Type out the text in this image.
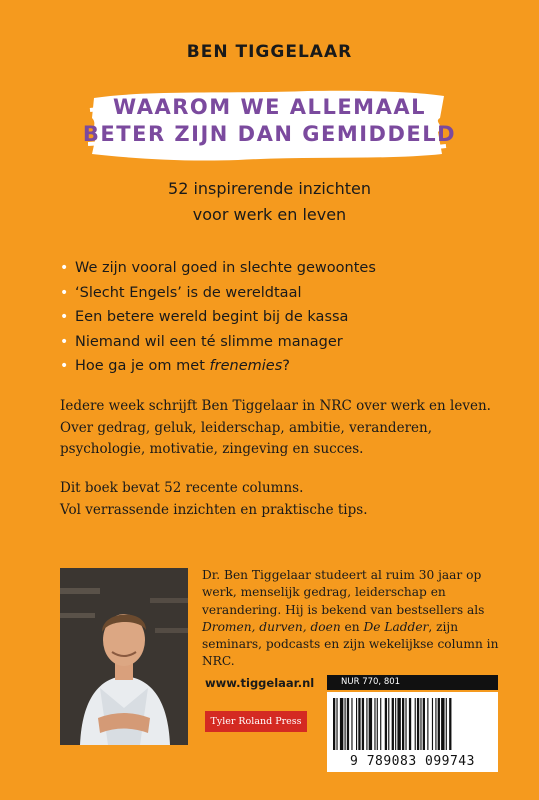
BEN TIGGELAAR
WAAROM WE ALLEMAAL
BETER ZIJN DAN GEMIDDELD
52 inspirerende inzichten
voor werk en leven
• We zijn vooral goed in slechte gewoontes
• ‘Slecht Engels’ is de wereldtaal
• Een betere wereld begint bij de kassa
• Niemand wil een té slimme manager
• Hoe ga je om met frenemies?
Iedere week schrijft Ben Tiggelaar in NRC over werk en leven. Over gedrag, geluk, leiderschap, ambitie, veranderen, psychologie, motivatie, zingeving en succes.
Dit boek bevat 52 recente columns.
Vol verrassende inzichten en praktische tips.
Dr. Ben Tiggelaar studeert al ruim 30 jaar op werk, menselijk gedrag, leiderschap en verandering. Hij is bekend van bestsellers als Dromen, durven, doen en De Ladder, zijn seminars, podcasts en zijn wekelijkse column in NRC.
www.tiggelaar.nl
Tyler Roland Press
NUR 770, 801
9 789083 099743
